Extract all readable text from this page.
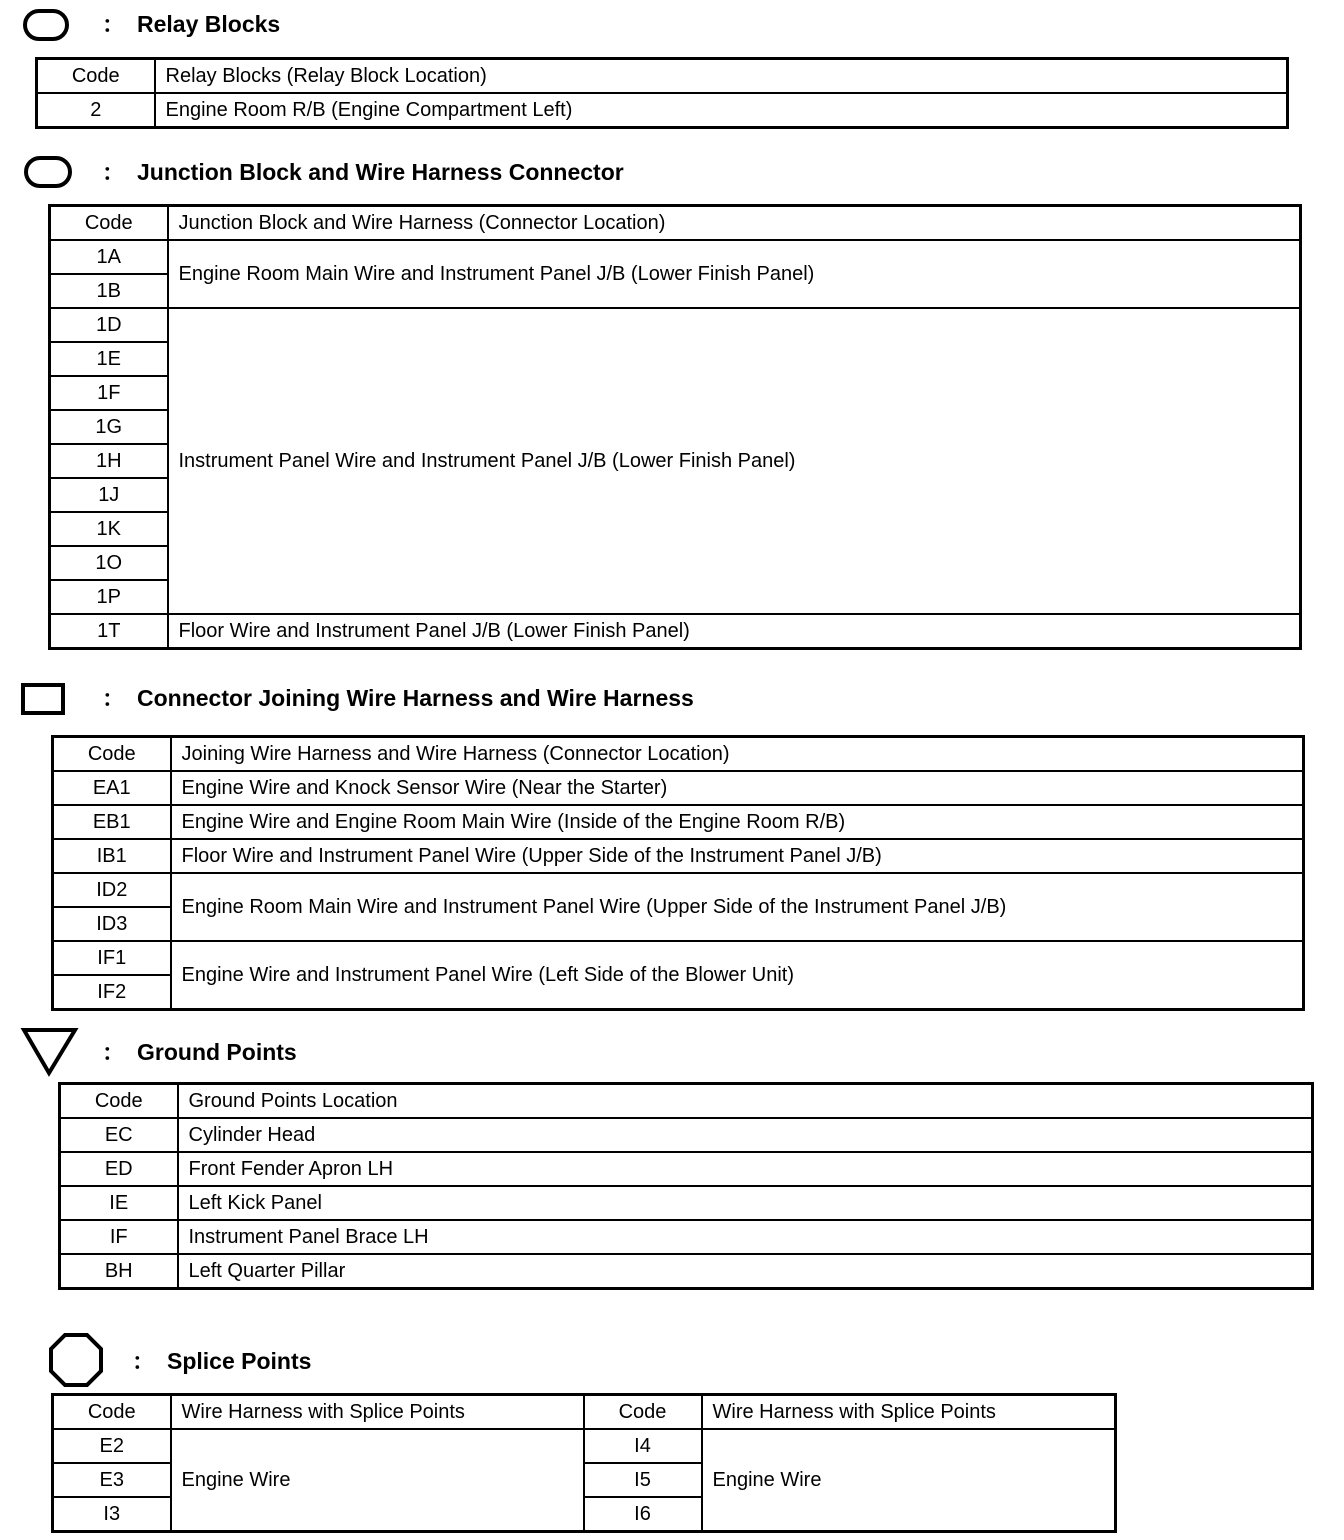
： Relay Blocks
Code	Relay Blocks (Relay Block Location)
2	Engine Room R/B (Engine Compartment Left)
： Junction Block and Wire Harness Connector
Code	Junction Block and Wire Harness (Connector Location)
1A	Engine Room Main Wire and Instrument Panel J/B (Lower Finish Panel)
1B	
1D	Instrument Panel Wire and Instrument Panel J/B (Lower Finish Panel)
1E	
1F	
1G	
1H	
1J	
1K	
1O	
1P	
1T	Floor Wire and Instrument Panel J/B (Lower Finish Panel)
： Connector Joining Wire Harness and Wire Harness
Code	Joining Wire Harness and Wire Harness (Connector Location)
EA1	Engine Wire and Knock Sensor Wire (Near the Starter)
EB1	Engine Wire and Engine Room Main Wire (Inside of the Engine Room R/B)
IB1	Floor Wire and Instrument Panel Wire (Upper Side of the Instrument Panel J/B)
ID2	Engine Room Main Wire and Instrument Panel Wire (Upper Side of the Instrument Panel J/B)
ID3	
IF1	Engine Wire and Instrument Panel Wire (Left Side of the Blower Unit)
IF2	
： Ground Points
Code	Ground Points Location
EC	Cylinder Head
ED	Front Fender Apron LH
IE	Left Kick Panel
IF	Instrument Panel Brace LH
BH	Left Quarter Pillar
： Splice Points
Code	Wire Harness with Splice Points	Code	Wire Harness with Splice Points
E2	Engine Wire	I4	Engine Wire
E3		I5	
I3		I6	
